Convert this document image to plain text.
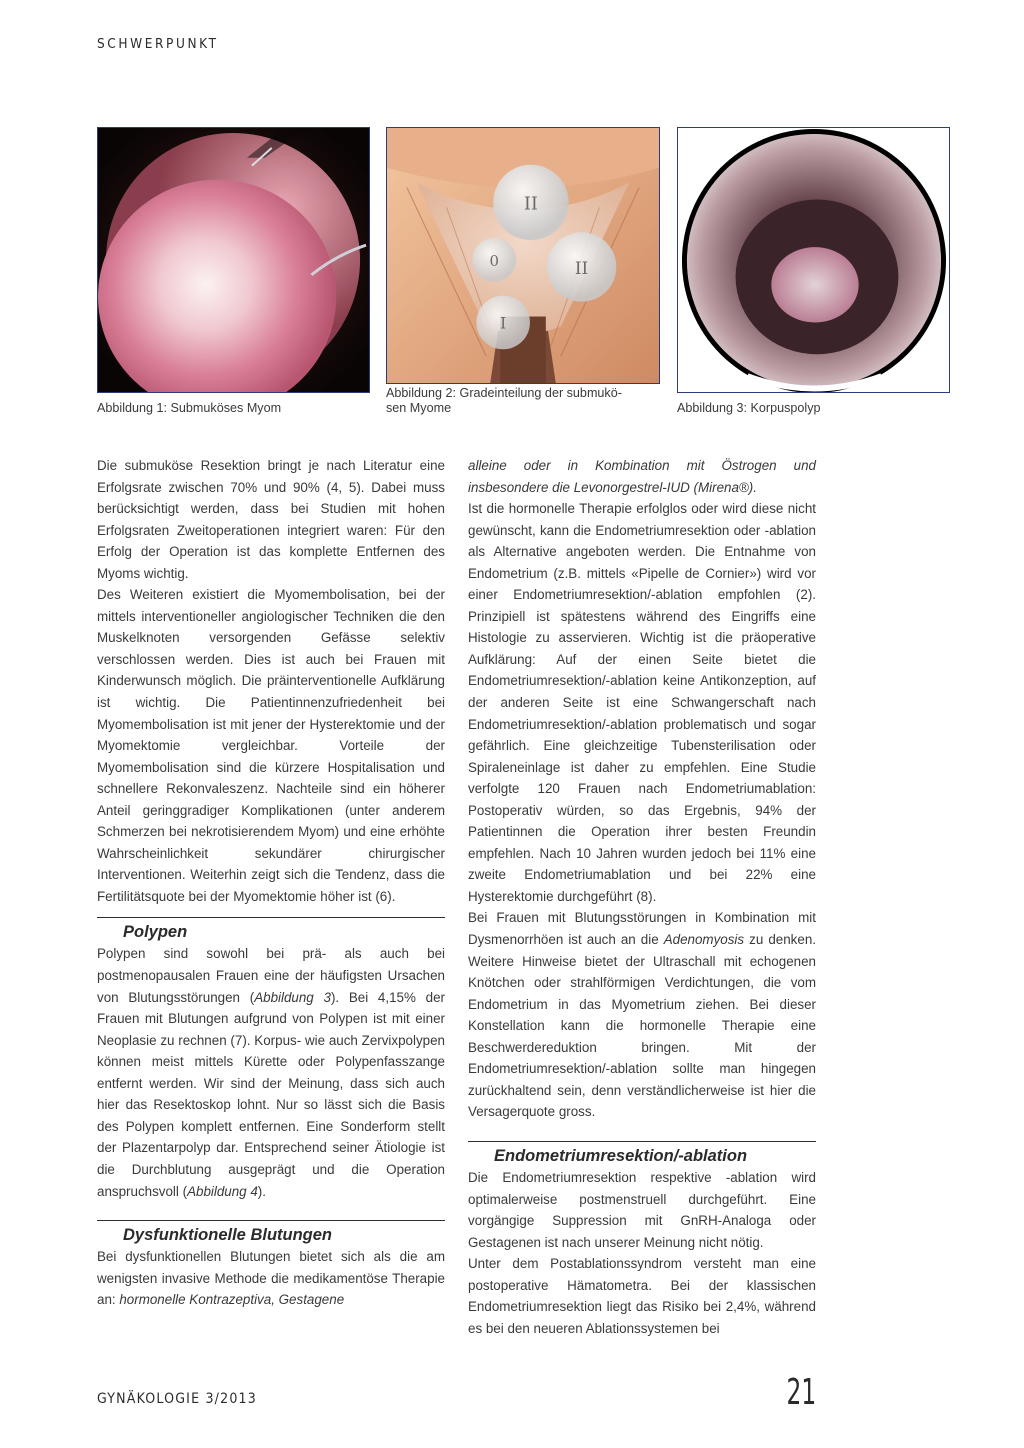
SCHWERPUNKT
Abbildung 1: Submuköses Myom
II
0	II
I
Abbildung 2: Gradeinteilung der submukö-
sen Myome	Abbildung 3: Korpuspolyp

Die submuköse Resektion bringt je nach Literatur eine Erfolgsrate zwischen 70% und 90% (4, 5). Dabei muss berücksichtigt werden, dass bei Studien mit hohen Erfolgsraten Zweitoperationen integriert waren: Für den Erfolg der Operation ist das komplette Entfernen des Myoms wichtig.

Des Weiteren existiert die Myomembolisation, bei der mittels interventioneller angiologischer Techniken die den Muskelknoten versorgenden Gefässe selektiv verschlossen werden. Dies ist auch bei Frauen mit Kinderwunsch möglich. Die präinterventionelle Aufklärung ist wichtig. Die Patientinnenzufriedenheit bei Myomembolisation ist mit jener der Hysterektomie und der Myomektomie vergleichbar. Vorteile der Myomembolisation sind die kürzere Hospitalisation und schnellere Rekonvaleszenz. Nachteile sind ein höherer Anteil geringgradiger Komplikationen (unter anderem Schmerzen bei nekrotisierendem Myom) und eine erhöhte Wahrscheinlichkeit sekundärer chirurgischer Interventionen. Weiterhin zeigt sich die Tendenz, dass die Fertilitätsquote bei der Myomektomie höher ist (6).

Polypen

Polypen sind sowohl bei prä- als auch bei postmenopausalen Frauen eine der häufigsten Ursachen von Blutungsstörungen (Abbildung 3). Bei 4,15% der Frauen mit Blutungen aufgrund von Polypen ist mit einer Neoplasie zu rechnen (7). Korpus- wie auch Zervixpolypen können meist mittels Kürette oder Polypenfasszange entfernt werden. Wir sind der Meinung, dass sich auch hier das Resektoskop lohnt. Nur so lässt sich die Basis des Polypen komplett entfernen. Eine Sonderform stellt der Plazentarpolyp dar. Entsprechend seiner Ätiologie ist die Durchblutung ausgeprägt und die Operation anspruchsvoll (Abbildung 4).

Dysfunktionelle Blutungen

Bei dysfunktionellen Blutungen bietet sich als die am wenigsten invasive Methode die medikamentöse Therapie an: hormonelle Kontrazeptiva, Gestagene

alleine oder in Kombination mit Östrogen und insbesondere die Levonorgestrel-IUD (Mirena®).

Ist die hormonelle Therapie erfolglos oder wird diese nicht gewünscht, kann die Endometriumresektion oder -ablation als Alternative angeboten werden. Die Entnahme von Endometrium (z.B. mittels «Pipelle de Cornier») wird vor einer Endometriumresektion/-ablation empfohlen (2). Prinzipiell ist spätestens während des Eingriffs eine Histologie zu asservieren. Wichtig ist die präoperative Aufklärung: Auf der einen Seite bietet die Endometriumresektion/-ablation keine Antikonzeption, auf der anderen Seite ist eine Schwangerschaft nach Endometriumresektion/-ablation problematisch und sogar gefährlich. Eine gleichzeitige Tubensterilisation oder Spiraleneinlage ist daher zu empfehlen. Eine Studie verfolgte 120 Frauen nach Endometriumablation: Postoperativ würden, so das Ergebnis, 94% der Patientinnen die Operation ihrer besten Freundin empfehlen. Nach 10 Jahren wurden jedoch bei 11% eine zweite Endometriumablation und bei 22% eine Hysterektomie durchgeführt (8).

Bei Frauen mit Blutungsstörungen in Kombination mit Dysmenorrhöen ist auch an die Adenomyosis zu denken. Weitere Hinweise bietet der Ultraschall mit echogenen Knötchen oder strahlförmigen Verdichtungen, die vom Endometrium in das Myometrium ziehen. Bei dieser Konstellation kann die hormonelle Therapie eine Beschwerdereduktion bringen. Mit der Endometriumresektion/-ablation sollte man hingegen zurückhaltend sein, denn verständlicherweise ist hier die Versagerquote gross.

Endometriumresektion/-ablation

Die Endometriumresektion respektive -ablation wird optimalerweise postmenstruell durchgeführt. Eine vorgängige Suppression mit GnRH-Analoga oder Gestagenen ist nach unserer Meinung nicht nötig.

Unter dem Postablationssyndrom versteht man eine postoperative Hämatometra. Bei der klassischen Endometriumresektion liegt das Risiko bei 2,4%, während es bei den neueren Ablationssystemen bei

GYNÄKOLOGIE 3/2013	21
